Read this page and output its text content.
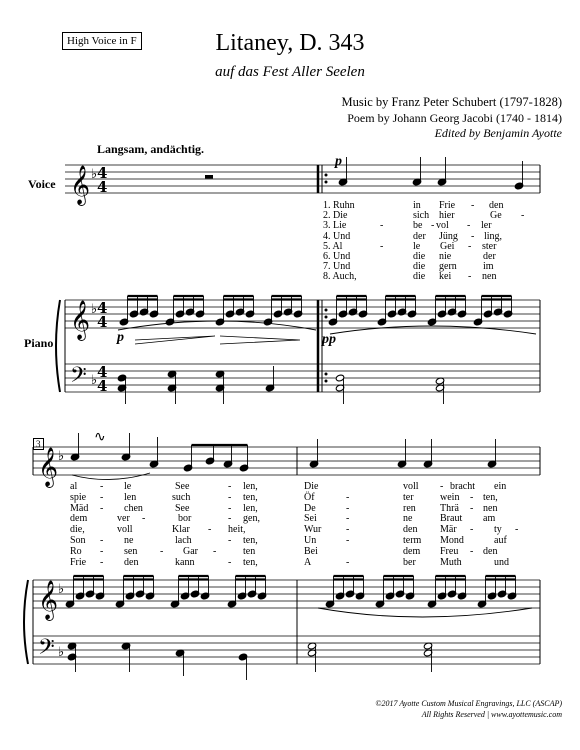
High Voice in F	Litaney, D. 343
auf das Fest Aller Seelen
Music by Franz Peter Schubert (1797-1828)
Poem by Johann Georg Jacobi (1740 - 1814)
Edited by Benjamin Ayotte
Langsam, andächtig.
Voice
Piano	p	pp
p
3
1. Ruhn	in Frie - den
2. Die	sich hier	Ge -
3. Lie	-	be - vol - ler
4. Und	der Jüng - ling,
5. Al	-	le Gei - ster
6. Und	die nie	der
7. Und	die gern	im
8. Auch,	die kei - nen
al - le	See	- len,	Die	voll - bracht ein
spie - len	such	- ten,	Öf	-	ter	wein - ten,
Mäd - chen	See	- len,	De	-	ren Thrä - nen
dem	ver -	bor	- gen,	Sei	-	ne	Braut am
die,	voll	Klar - heit,	Wur -	den Mär - ty -
Son - ne	lach	- ten,	Un	-	term Mond	auf
Ro - sen - Gar -	ten	Bei	dem Freu - den
Frie - den	kann	- ten,	A	-	ber Muth	und
𝄞 ♭ 4
4
𝄞 ♭ 4
4
𝄢 ♭ 4
4
𝄞 ♭
𝄞 ♭
𝄢 ♭
∿
©2017 Ayotte Custom Musical Engravings, LLC (ASCAP)
All Rights Reserved | www.ayottemusic.com
